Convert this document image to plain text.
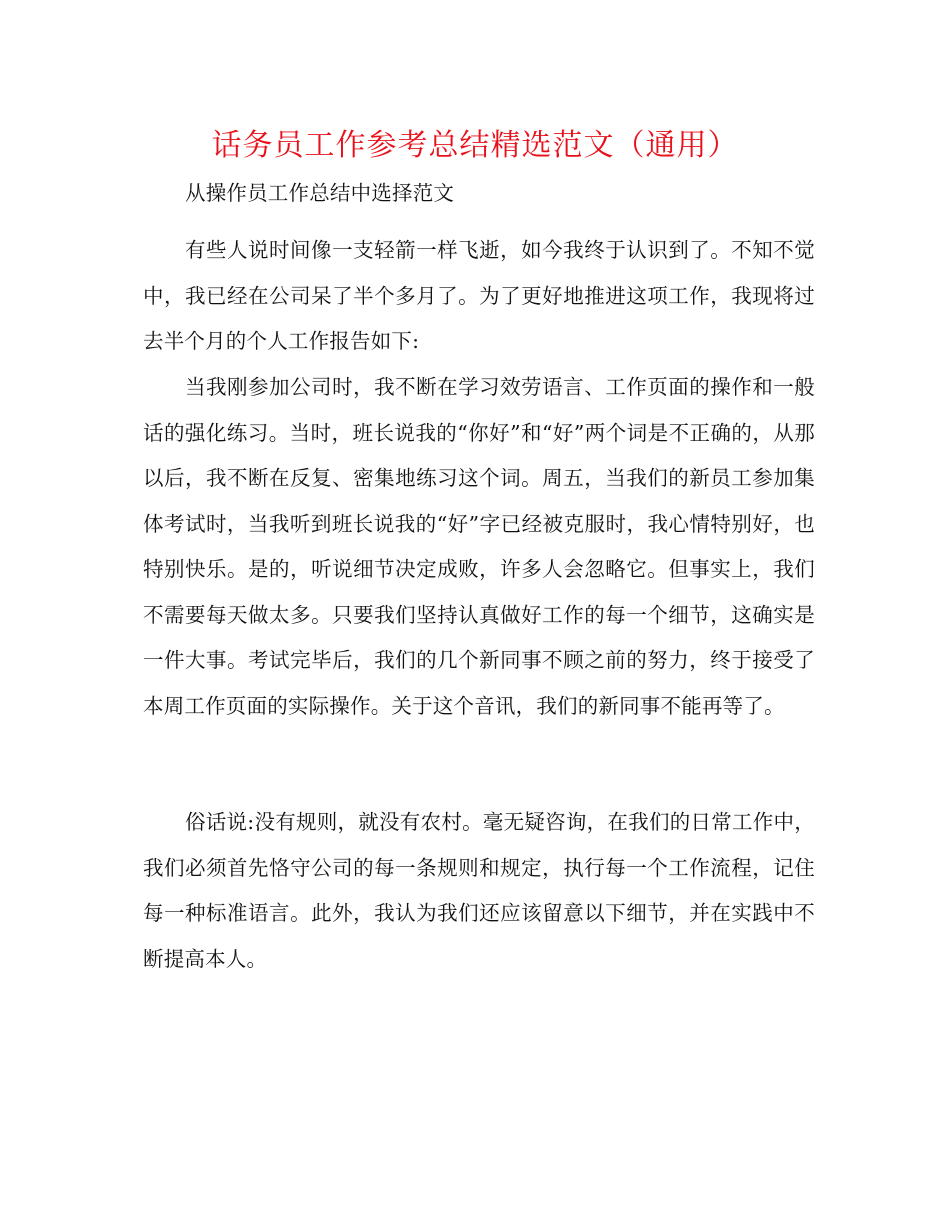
话务员工作参考总结精选范文（通用）

从操作员工作总结中选择范文

有些人说时间像一支轻箭一样飞逝，如今我终于认识到了。不知不觉中，我已经在公司呆了半个多月了。为了更好地推进这项工作，我现将过去半个月的个人工作报告如下:

当我刚参加公司时，我不断在学习效劳语言、工作页面的操作和一般话的强化练习。当时，班长说我的“你好”和“好”两个词是不正确的，从那以后，我不断在反复、密集地练习这个词。周五，当我们的新员工参加集体考试时，当我听到班长说我的“好”字已经被克服时，我心情特别好，也特别快乐。是的，听说细节决定成败，许多人会忽略它。但事实上，我们不需要每天做太多。只要我们坚持认真做好工作的每一个细节，这确实是一件大事。考试完毕后，我们的几个新同事不顾之前的努力，终于接受了本周工作页面的实际操作。关于这个音讯，我们的新同事不能再等了。

俗话说:没有规则，就没有农村。毫无疑咨询，在我们的日常工作中，我们必须首先恪守公司的每一条规则和规定，执行每一个工作流程，记住每一种标准语言。此外，我认为我们还应该留意以下细节，并在实践中不断提高本人。
